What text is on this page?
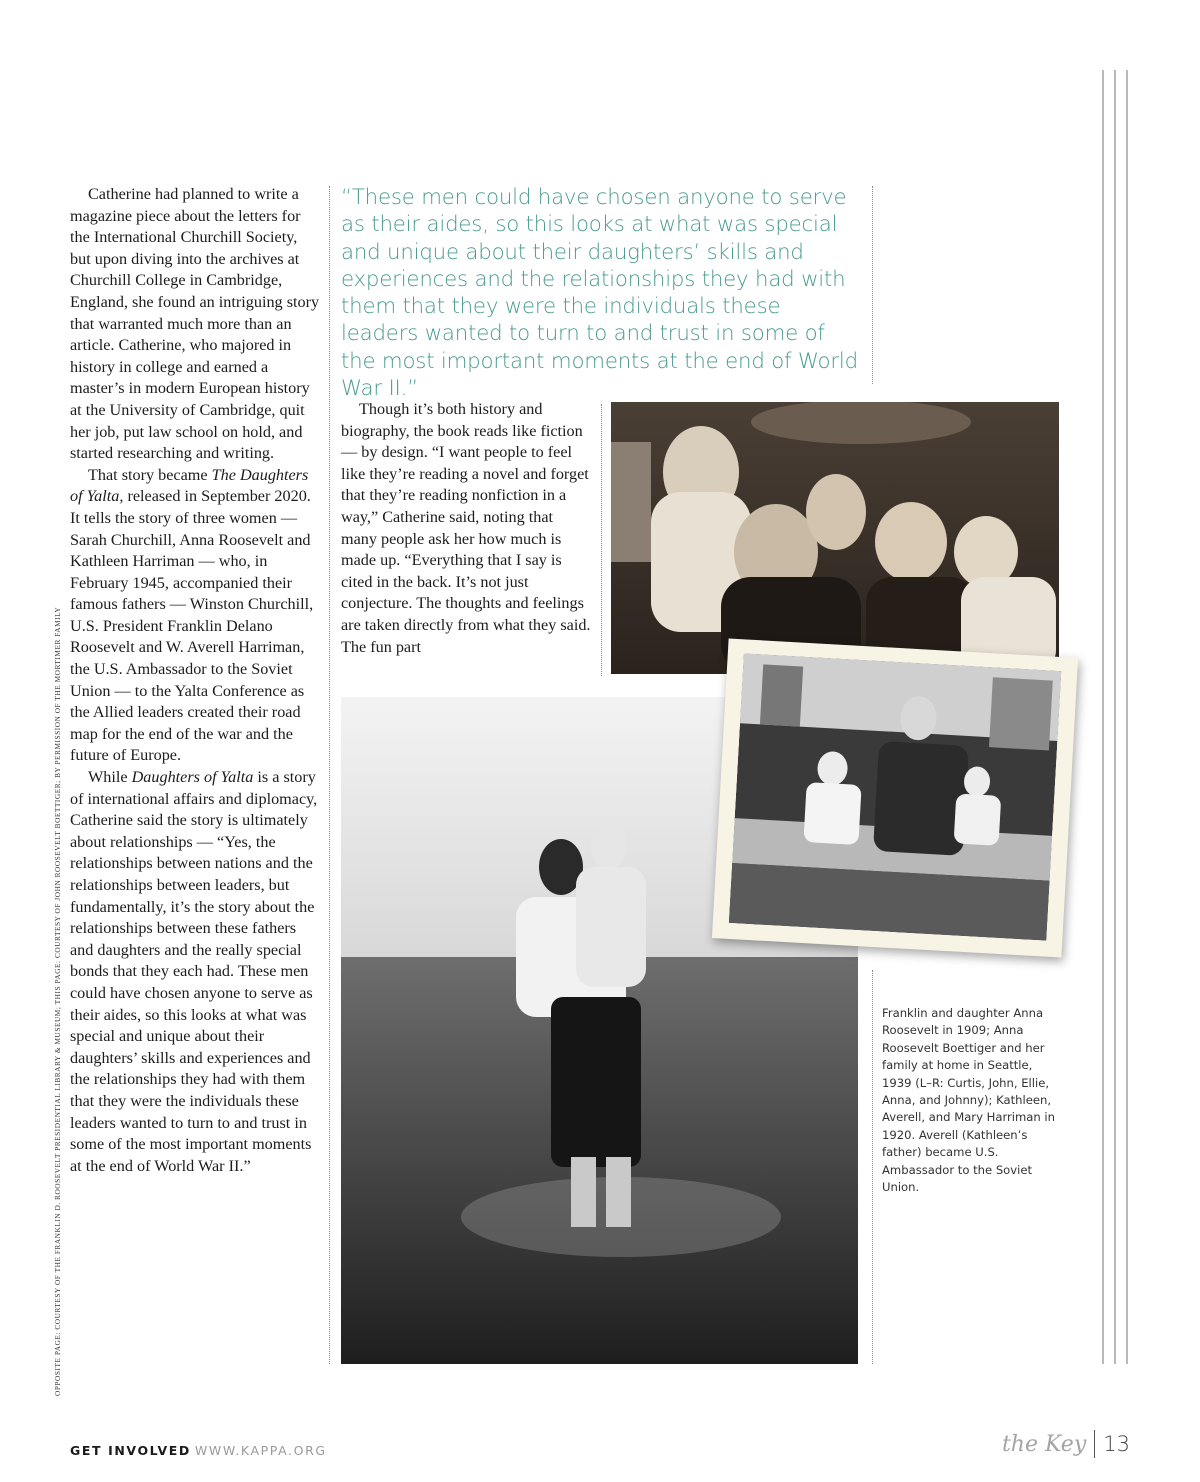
OPPOSITE PAGE: COURTESY OF THE FRANKLIN D. ROOSEVELT PRESIDENTIAL LIBRARY & MUSEUM; THIS PAGE: COURTESY OF JOHN ROOSEVELT BOETTIGER; BY PERMISSION OF THE MORTIMER FAMILY

Catherine had planned to write a magazine piece about the letters for the International Churchill Society, but upon diving into the archives at Churchill College in Cambridge, England, she found an intriguing story that warranted much more than an article. Catherine, who majored in history in college and earned a master’s in modern European history at the University of Cambridge, quit her job, put law school on hold, and started researching and writing.

That story became The Daughters of Yalta, released in September 2020. It tells the story of three women — Sarah Churchill, Anna Roosevelt and Kathleen Harriman — who, in February 1945, accompanied their famous fathers — Winston Churchill, U.S. President Franklin Delano Roosevelt and W. Averell Harriman, the U.S. Ambassador to the Soviet Union — to the Yalta Conference as the Allied leaders created their road map for the end of the war and the future of Europe.

While Daughters of Yalta is a story of international affairs and diplomacy, Catherine said the story is ultimately about relationships — “Yes, the relationships between nations and the relationships between leaders, but fundamentally, it’s the story about the relationships between these fathers and daughters and the really special bonds that they each had. These men could have chosen anyone to serve as their aides, so this looks at what was special and unique about their daughters’ skills and experiences and the relationships they had with them that they were the individuals these leaders wanted to turn to and trust in some of the most important moments at the end of World War II.”

“These men could have chosen anyone to serve as their aides, so this looks at what was special and unique about their daughters’ skills and experiences and the relationships they had with them that they were the individuals these leaders wanted to turn to and trust in some of the most important moments at the end of World War II.”

Though it’s both history and biography, the book reads like fiction — by design. “I want people to feel like they’re reading a novel and forget that they’re reading nonfiction in a way,” Catherine said, noting that many people ask her how much is made up. “Everything that I say is cited in the back. It’s not just conjecture. The thoughts and feelings are taken directly from what they said. The fun part

Franklin and daughter Anna Roosevelt in 1909; Anna Roosevelt Boettiger and her family at home in Seattle, 1939 (L–R: Curtis, John, Ellie, Anna, and Johnny); Kathleen, Averell, and Mary Harriman in 1920. Averell (Kathleen’s father) became U.S. Ambassador to the Soviet Union.
GET INVOLVED WWW.KAPPA.ORG	the Key 13
